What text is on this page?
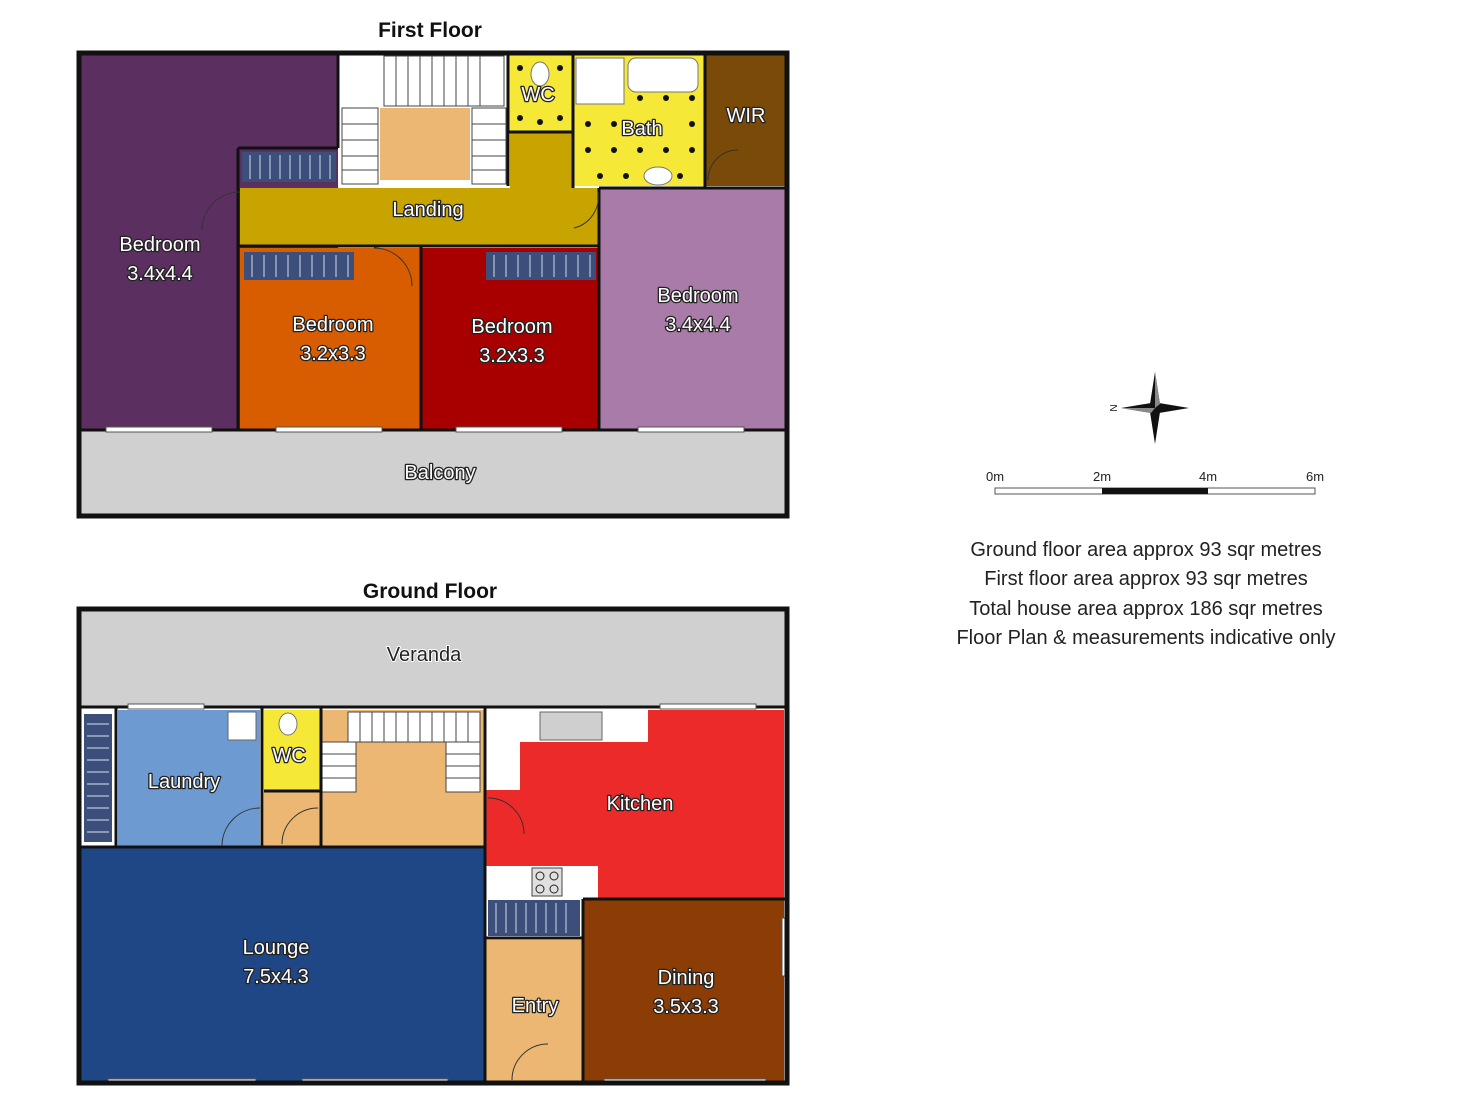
First Floor
Bedroom
3.4x4.4
Bedroom
3.2x3.3
Bedroom
3.2x3.3
Bedroom
3.4x4.4
Landing
WC
Bath
WIR
Balcony
Ground Floor
Veranda
Laundry
WC
Kitchen
Lounge
7.5x4.3
Entry
Dining
3.5x3.3
N
0m	2m	4m	6m
Ground floor area approx 93 sqr metres
First floor area approx 93 sqr metres
Total house area approx 186 sqr metres
Floor Plan & measurements indicative only
